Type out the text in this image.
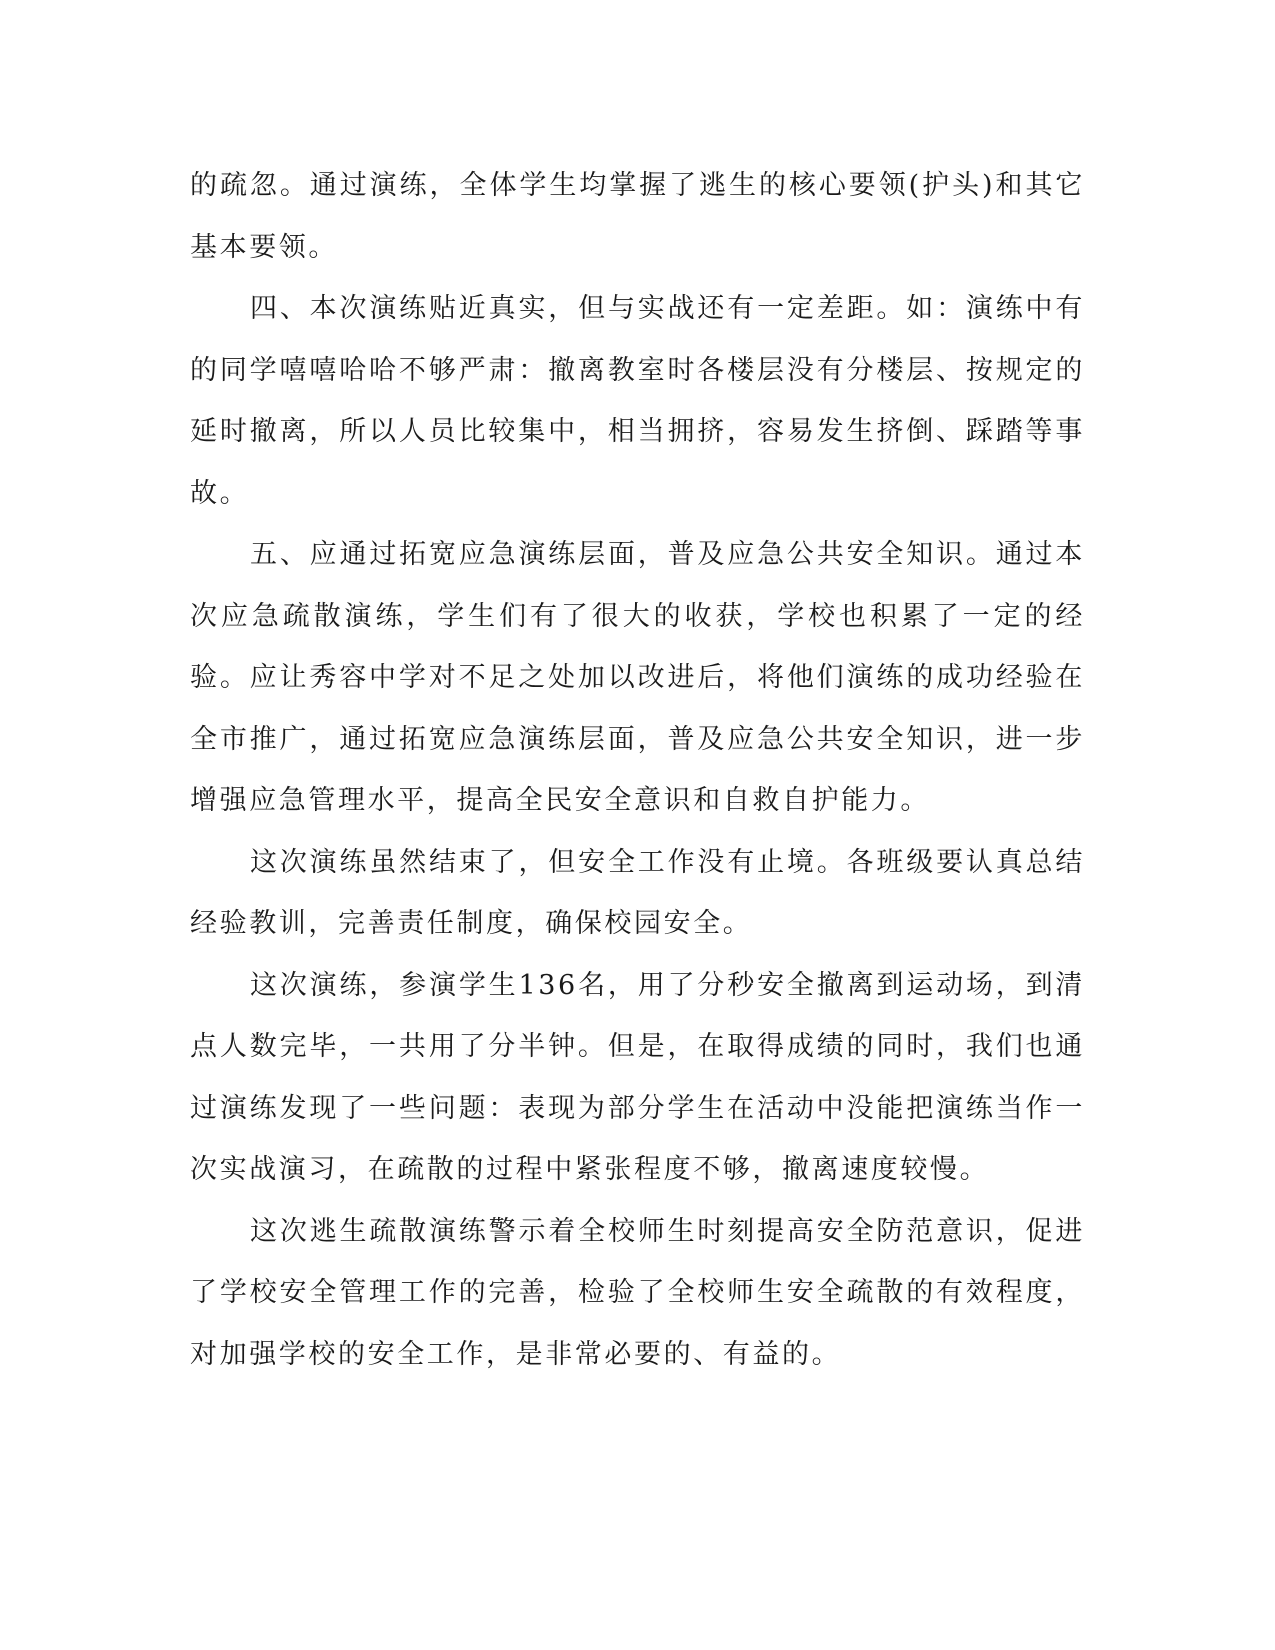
的疏忽。通过演练，全体学生均掌握了逃生的核心要领(护头)和其它基本要领。

四、本次演练贴近真实，但与实战还有一定差距。如：演练中有的同学嘻嘻哈哈不够严肃：撤离教室时各楼层没有分楼层、按规定的延时撤离，所以人员比较集中，相当拥挤，容易发生挤倒、踩踏等事故。

五、应通过拓宽应急演练层面，普及应急公共安全知识。通过本次应急疏散演练，学生们有了很大的收获，学校也积累了一定的经验。应让秀容中学对不足之处加以改进后，将他们演练的成功经验在全市推广，通过拓宽应急演练层面，普及应急公共安全知识，进一步增强应急管理水平，提高全民安全意识和自救自护能力。

这次演练虽然结束了，但安全工作没有止境。各班级要认真总结经验教训，完善责任制度，确保校园安全。

这次演练，参演学生136名，用了分秒安全撤离到运动场，到清点人数完毕，一共用了分半钟。但是，在取得成绩的同时，我们也通过演练发现了一些问题：表现为部分学生在活动中没能把演练当作一次实战演习，在疏散的过程中紧张程度不够，撤离速度较慢。

这次逃生疏散演练警示着全校师生时刻提高安全防范意识，促进了学校安全管理工作的完善，检验了全校师生安全疏散的有效程度，对加强学校的安全工作，是非常必要的、有益的。
